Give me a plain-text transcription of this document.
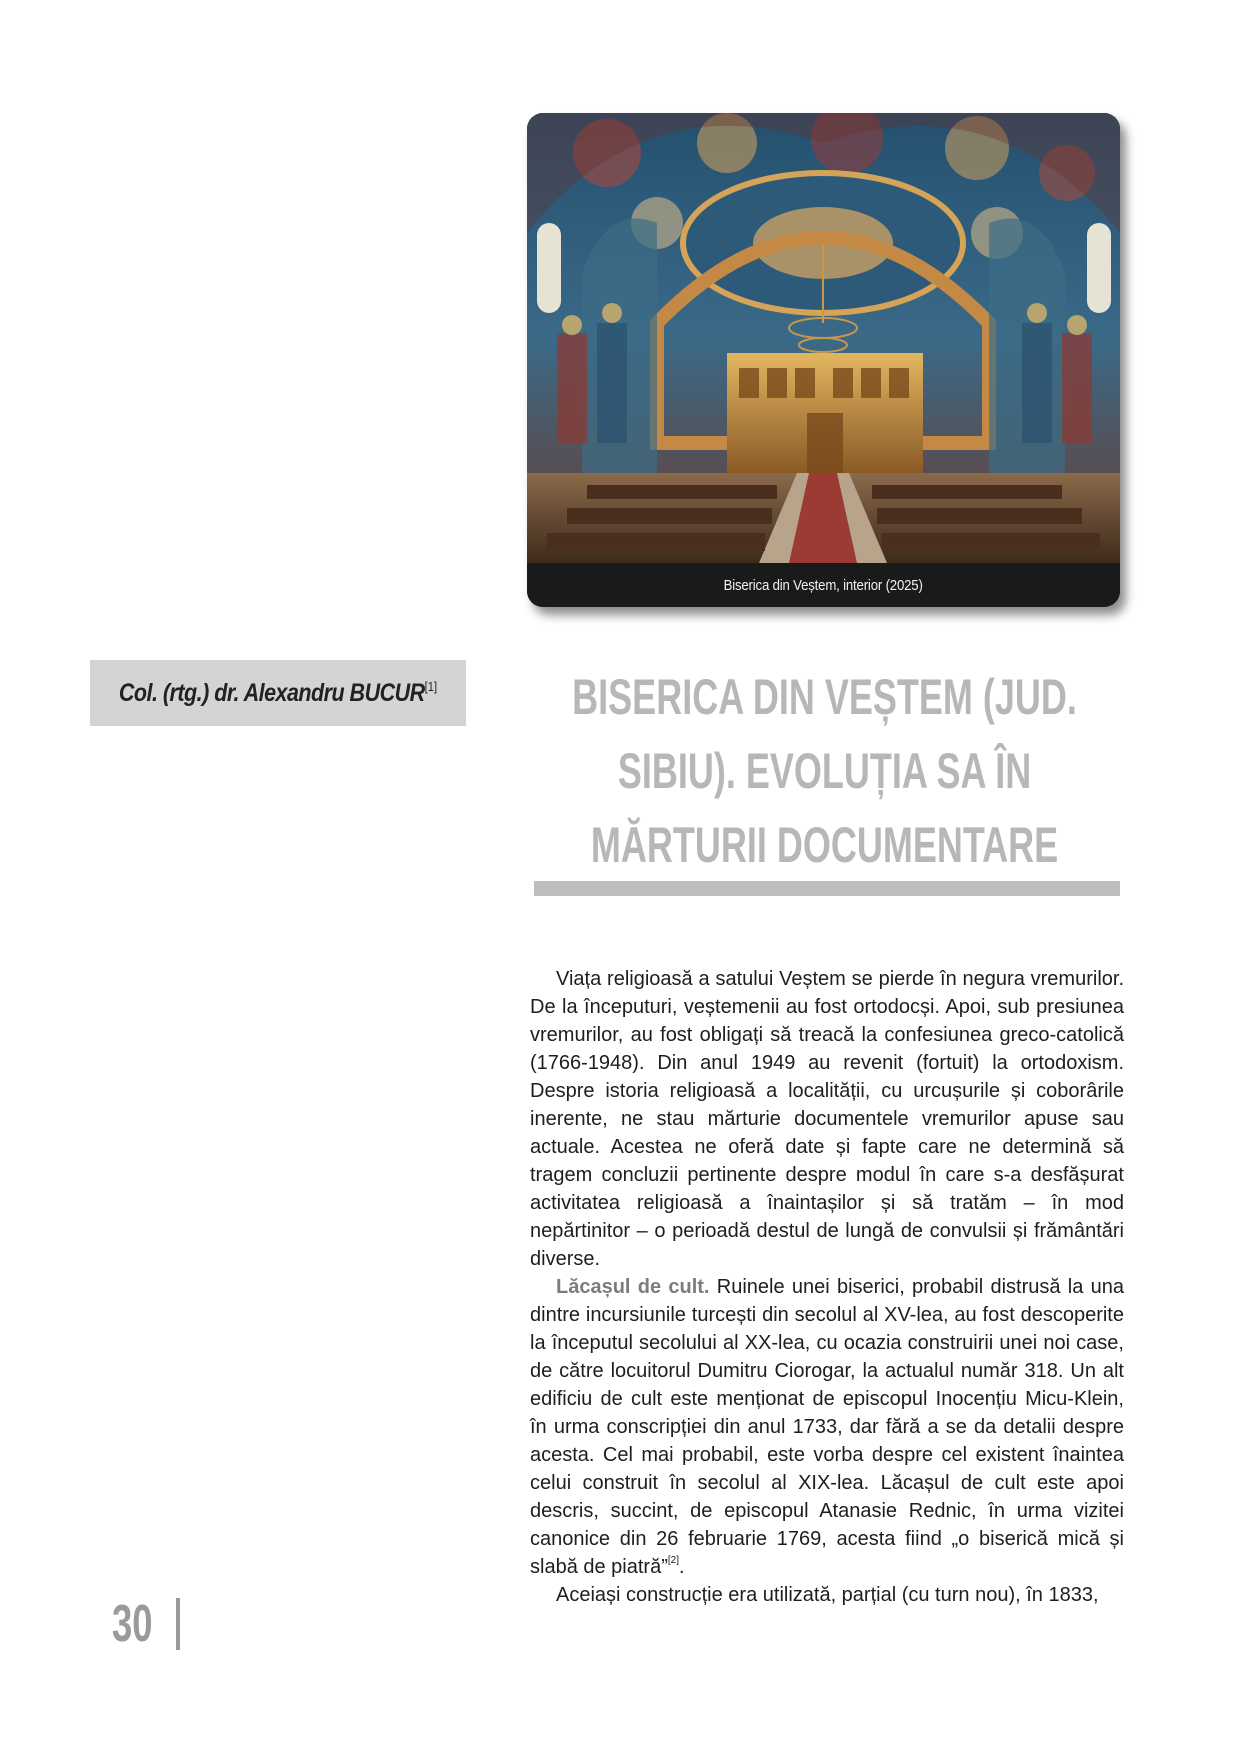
Biserica din Veștem, interior (2025)
Col. (rtg.) dr. Alexandru BUCUR[1]	BISERICA DIN VEȘTEM (JUD. SIBIU). EVOLUȚIA SA ÎN MĂRTURII DOCUMENTARE

Viața religioasă a satului Veștem se pierde în negura vremurilor. De la începuturi, veștemenii au fost ortodocși. Apoi, sub presiunea vremurilor, au fost obligați să treacă la confesiunea greco-catolică (1766-1948). Din anul 1949 au revenit (fortuit) la ortodoxism. Despre istoria religioasă a localității, cu urcușurile și coborârile inerente, ne stau mărturie documentele vremurilor apuse sau actuale. Acestea ne oferă date și fapte care ne determină să tragem concluzii pertinente despre modul în care s-a desfășurat activitatea religioasă a înaintașilor și să tratăm – în mod nepărtinitor – o perioadă destul de lungă de convulsii și frământări diverse.

Lăcașul de cult. Ruinele unei biserici, probabil distrusă la una dintre incursiunile turcești din secolul al XV-lea, au fost descoperite la începutul secolului al XX-lea, cu ocazia construirii unei noi case, de către locuitorul Dumitru Ciorogar, la actualul număr 318. Un alt edificiu de cult este menționat de episcopul Inocențiu Micu-Klein, în urma conscripției din anul 1733, dar fără a se da detalii despre acesta. Cel mai probabil, este vorba despre cel existent înaintea celui construit în secolul al XIX-lea. Lăcașul de cult este apoi descris, succint, de episcopul Atanasie Rednic, în urma vizitei canonice din 26 februarie 1769, acesta fiind „o biserică mică și slabă de piatră”[2].

Aceiași construcție era utilizată, parțial (cu turn nou), în 1833,

30
